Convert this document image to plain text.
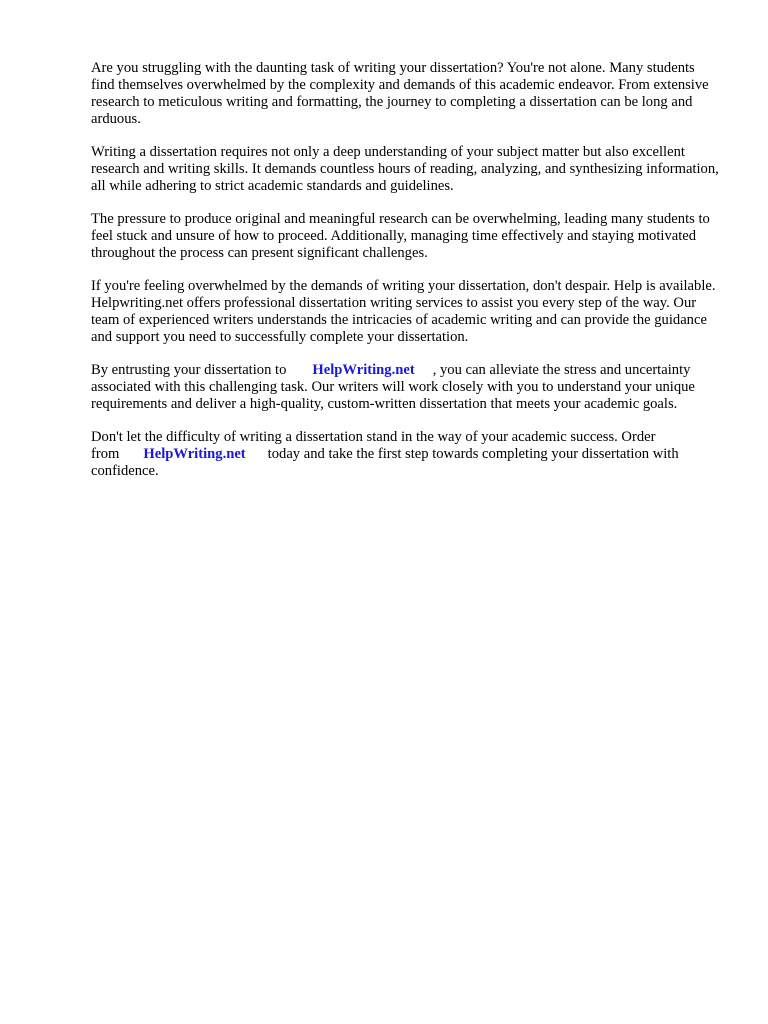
Are you struggling with the daunting task of writing your dissertation? You're not alone. Many students find themselves overwhelmed by the complexity and demands of this academic endeavor. From extensive research to meticulous writing and formatting, the journey to completing a dissertation can be long and arduous.

Writing a dissertation requires not only a deep understanding of your subject matter but also excellent research and writing skills. It demands countless hours of reading, analyzing, and synthesizing information, all while adhering to strict academic standards and guidelines.

The pressure to produce original and meaningful research can be overwhelming, leading many students to feel stuck and unsure of how to proceed. Additionally, managing time effectively and staying motivated throughout the process can present significant challenges.

If you're feeling overwhelmed by the demands of writing your dissertation, don't despair. Help is available. Helpwriting.net offers professional dissertation writing services to assist you every step of the way. Our team of experienced writers understands the intricacies of academic writing and can provide the guidance and support you need to successfully complete your dissertation.

By entrusting your dissertation to HelpWriting.net , you can alleviate the stress and uncertainty associated with this challenging task. Our writers will work closely with you to understand your unique requirements and deliver a high-quality, custom-written dissertation that meets your academic goals.

Don't let the difficulty of writing a dissertation stand in the way of your academic success. Order from HelpWriting.net today and take the first step towards completing your dissertation with confidence.
